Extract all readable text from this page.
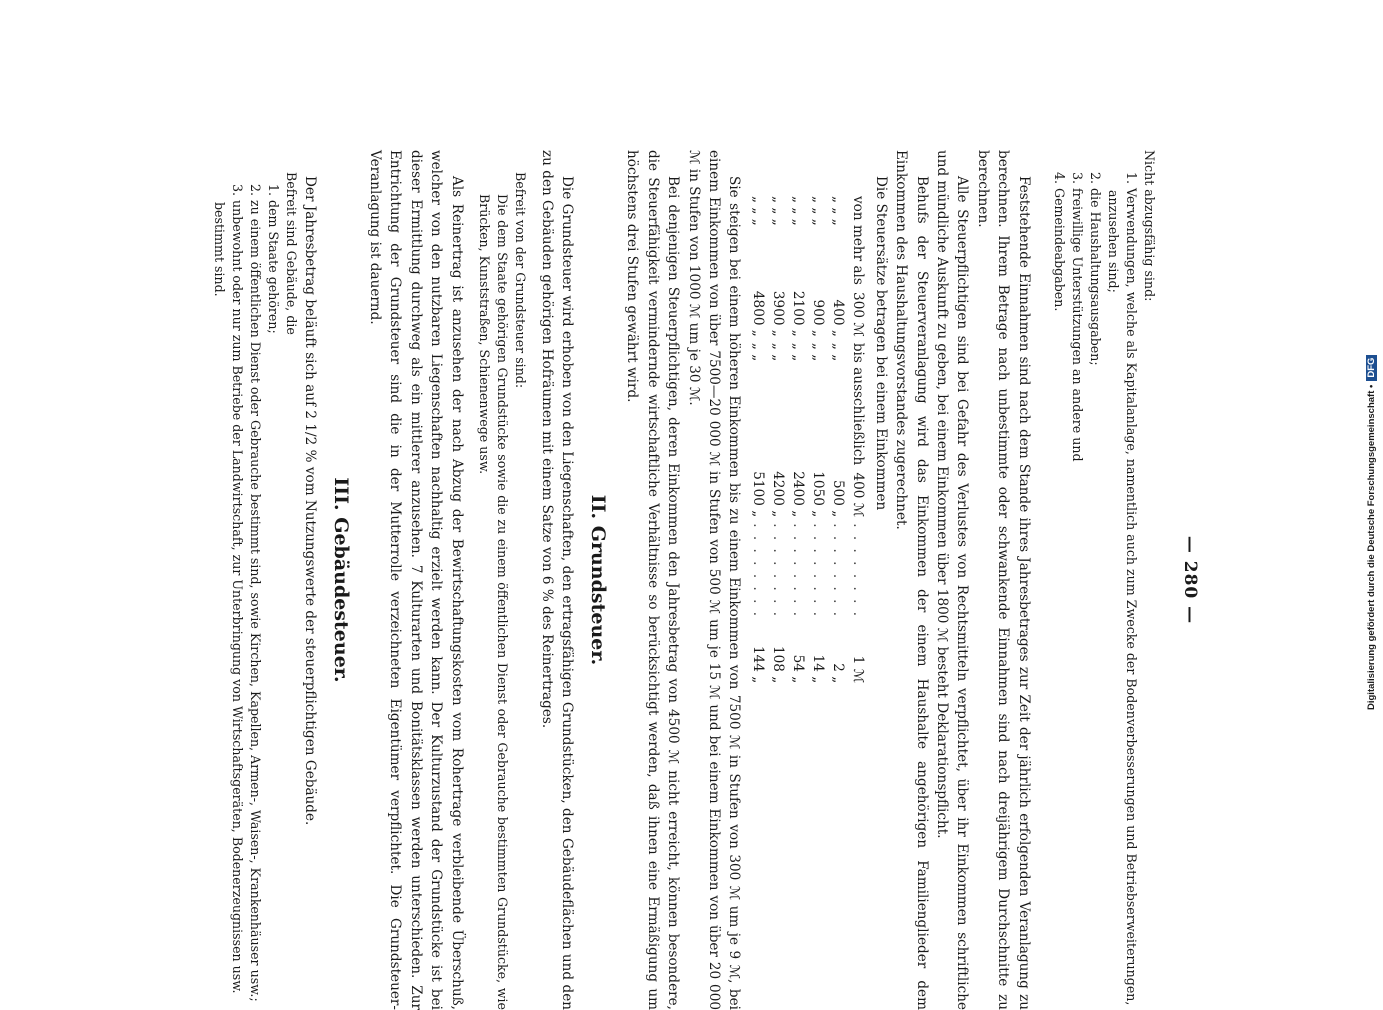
— 280 —

Nicht abzugsfähig sind:

1. Verwendungen, welche als Kapitalanlage, namentlich auch zum Zwecke der Bodenverbesserungen und Betriebserweiterungen, anzusehen sind;
2. die Haushaltungsausgaben;
3. freiwillige Unterstützungen an andere und
4. Gemeindeabgaben.

Feststehende Einnahmen sind nach dem Stande ihres Jahresbetrages zur Zeit der jährlich erfolgenden Veranlagung zu berechnen. Ihrem Betrage nach unbestimmte oder schwankende Einnahmen sind nach dreijährigem Durchschnitte zu berechnen.

Alle Steuerpflichtigen sind bei Gefahr des Verlustes von Rechtsmitteln verpflichtet, über ihr Einkommen schriftliche und mündliche Auskunft zu geben, bei einem Einkommen über 1800 ℳ besteht Deklarationspflicht.

Behufs der Steuerveranlagung wird das Einkommen der einem Haushalte angehörigen Familienglieder dem Einkommen des Haushaltungsvorstandes zugerechnet.

Die Steuersätze betragen bei einem Einkommen

von mehr als	300 ℳ	bis ausschließlich	400 ℳ	. . . . . . . .	1 ℳ
„ „ „	400 „	„ „	500 „	. . . . . . . .	2 „
„ „ „	900 „	„ „	1050 „	. . . . . . . .	14 „
„ „ „	2100 „	„ „	2400 „	. . . . . . . .	54 „
„ „ „	3900 „	„ „	4200 „	. . . . . . . .	108 „
„ „ „	4800 „	„ „	5100 „	. . . . . . . .	144 „

Sie steigen bei einem höheren Einkommen bis zu einem Einkommen von 7500 ℳ in Stufen von 300 ℳ um je 9 ℳ, bei einem Einkommen von über 7500—20 000 ℳ in Stufen von 500 ℳ um je 15 ℳ und bei einem Einkommen von über 20 000 ℳ in Stufen von 1000 ℳ um je 30 ℳ.

Bei denjenigen Steuerpflichtigen, deren Einkommen den Jahresbetrag von 4500 ℳ nicht erreicht, können besondere, die Steuerfähigkeit vermindernde wirtschaftliche Verhältnisse so berücksichtigt werden, daß ihnen eine Ermäßigung um höchstens drei Stufen gewährt wird.

II. Grundsteuer.

Die Grundsteuer wird erhoben von den Liegenschaften, den ertragsfähigen Grundstücken, den Gebäudeflächen und den zu den Gebäuden gehörigen Hofräumen mit einem Satze von 6 % des Reinertrages.

Befreit von der Grundsteuer sind:

Die dem Staate gehörigen Grundstücke sowie die zu einem öffentlichen Dienst oder Gebrauche bestimmten Grundstücke, wie Brücken, Kunststraßen, Schienenwege usw.

Als Reinertrag ist anzusehen der nach Abzug der Bewirtschaftungskosten vom Rohertrage verbleibende Überschuß, welcher von den nutzbaren Liegenschaften nachhaltig erzielt werden kann. Der Kulturzustand der Grundstücke ist bei dieser Ermittlung durchweg als ein mittlerer anzusehen. 7 Kulturarten und Bonitätsklassen werden unterschieden. Zur Entrichtung der Grundsteuer sind die in der Mutterrolle verzeichneten Eigentümer verpflichtet. Die Grundsteuer-Veranlagung ist dauernd.

III. Gebäudesteuer.

Der Jahresbetrag beläuft sich auf 2 1/2 % vom Nutzungswerte der steuerpflichtigen Gebäude.

Befreit sind Gebäude, die

1. dem Staate gehören;
2. zu einem öffentlichen Dienst oder Gebrauche bestimmt sind, sowie Kirchen, Kapellen, Armen-, Waisen-, Krankenhäuser usw.;
3. unbewohnt oder nur zum Betriebe der Landwirtschaft, zur Unterbringung von Wirtschaftsgeräten, Bodenerzeugnissen usw. bestimmt sind.
Digitalisierung gefördert durch die Deutsche Forschungsgemeinschaft •DFG
